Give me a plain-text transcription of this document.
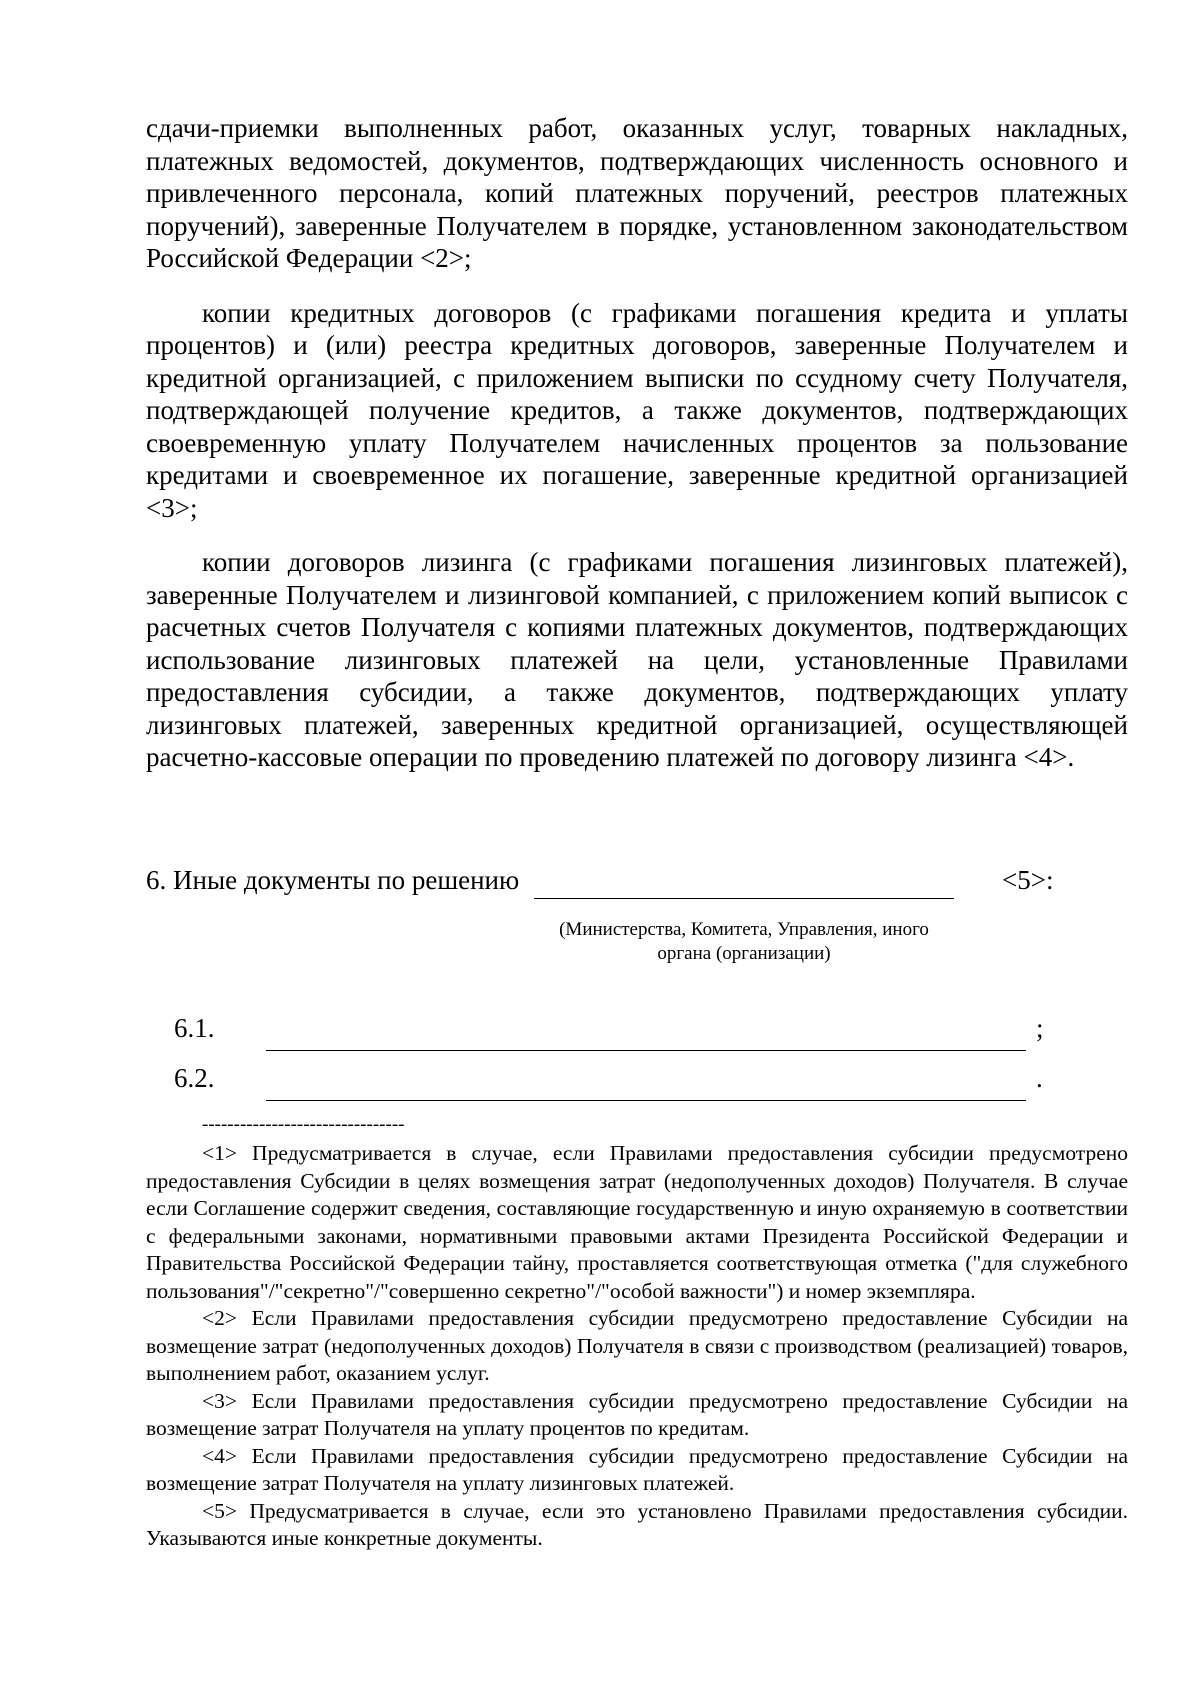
сдачи-приемки выполненных работ, оказанных услуг, товарных накладных, платежных ведомостей, документов, подтверждающих численность основного и привлеченного персонала, копий платежных поручений, реестров платежных поручений), заверенные Получателем в порядке, установленном законодательством Российской Федерации <2>;

копии кредитных договоров (с графиками погашения кредита и уплаты процентов) и (или) реестра кредитных договоров, заверенные Получателем и кредитной организацией, с приложением выписки по ссудному счету Получателя, подтверждающей получение кредитов, а также документов, подтверждающих своевременную уплату Получателем начисленных процентов за пользование кредитами и своевременное их погашение, заверенные кредитной организацией <3>;

копии договоров лизинга (с графиками погашения лизинговых платежей), заверенные Получателем и лизинговой компанией, с приложением копий выписок с расчетных счетов Получателя с копиями платежных документов, подтверждающих использование лизинговых платежей на цели, установленные Правилами предоставления субсидии, а также документов, подтверждающих уплату лизинговых платежей, заверенных кредитной организацией, осуществляющей расчетно-кассовые операции по проведению платежей по договору лизинга <4>.

6. Иные документы по решению	<5>:
(Министерства, Комитета, Управления, иного
органа (организации)
6.1.	;
6.2.	.
--------------------------------

<1> Предусматривается в случае, если Правилами предоставления субсидии предусмотрено предоставления Субсидии в целях возмещения затрат (недополученных доходов) Получателя. В случае если Соглашение содержит сведения, составляющие государственную и иную охраняемую в соответствии с федеральными законами, нормативными правовыми актами Президента Российской Федерации и Правительства Российской Федерации тайну, проставляется соответствующая отметка ("для служебного пользования"/"секретно"/"совершенно секретно"/"особой важности") и номер экземпляра.

<2> Если Правилами предоставления субсидии предусмотрено предоставление Субсидии на возмещение затрат (недополученных доходов) Получателя в связи с производством (реализацией) товаров, выполнением работ, оказанием услуг.

<3> Если Правилами предоставления субсидии предусмотрено предоставление Субсидии на возмещение затрат Получателя на уплату процентов по кредитам.

<4> Если Правилами предоставления субсидии предусмотрено предоставление Субсидии на возмещение затрат Получателя на уплату лизинговых платежей.

<5> Предусматривается в случае, если это установлено Правилами предоставления субсидии. Указываются иные конкретные документы.
